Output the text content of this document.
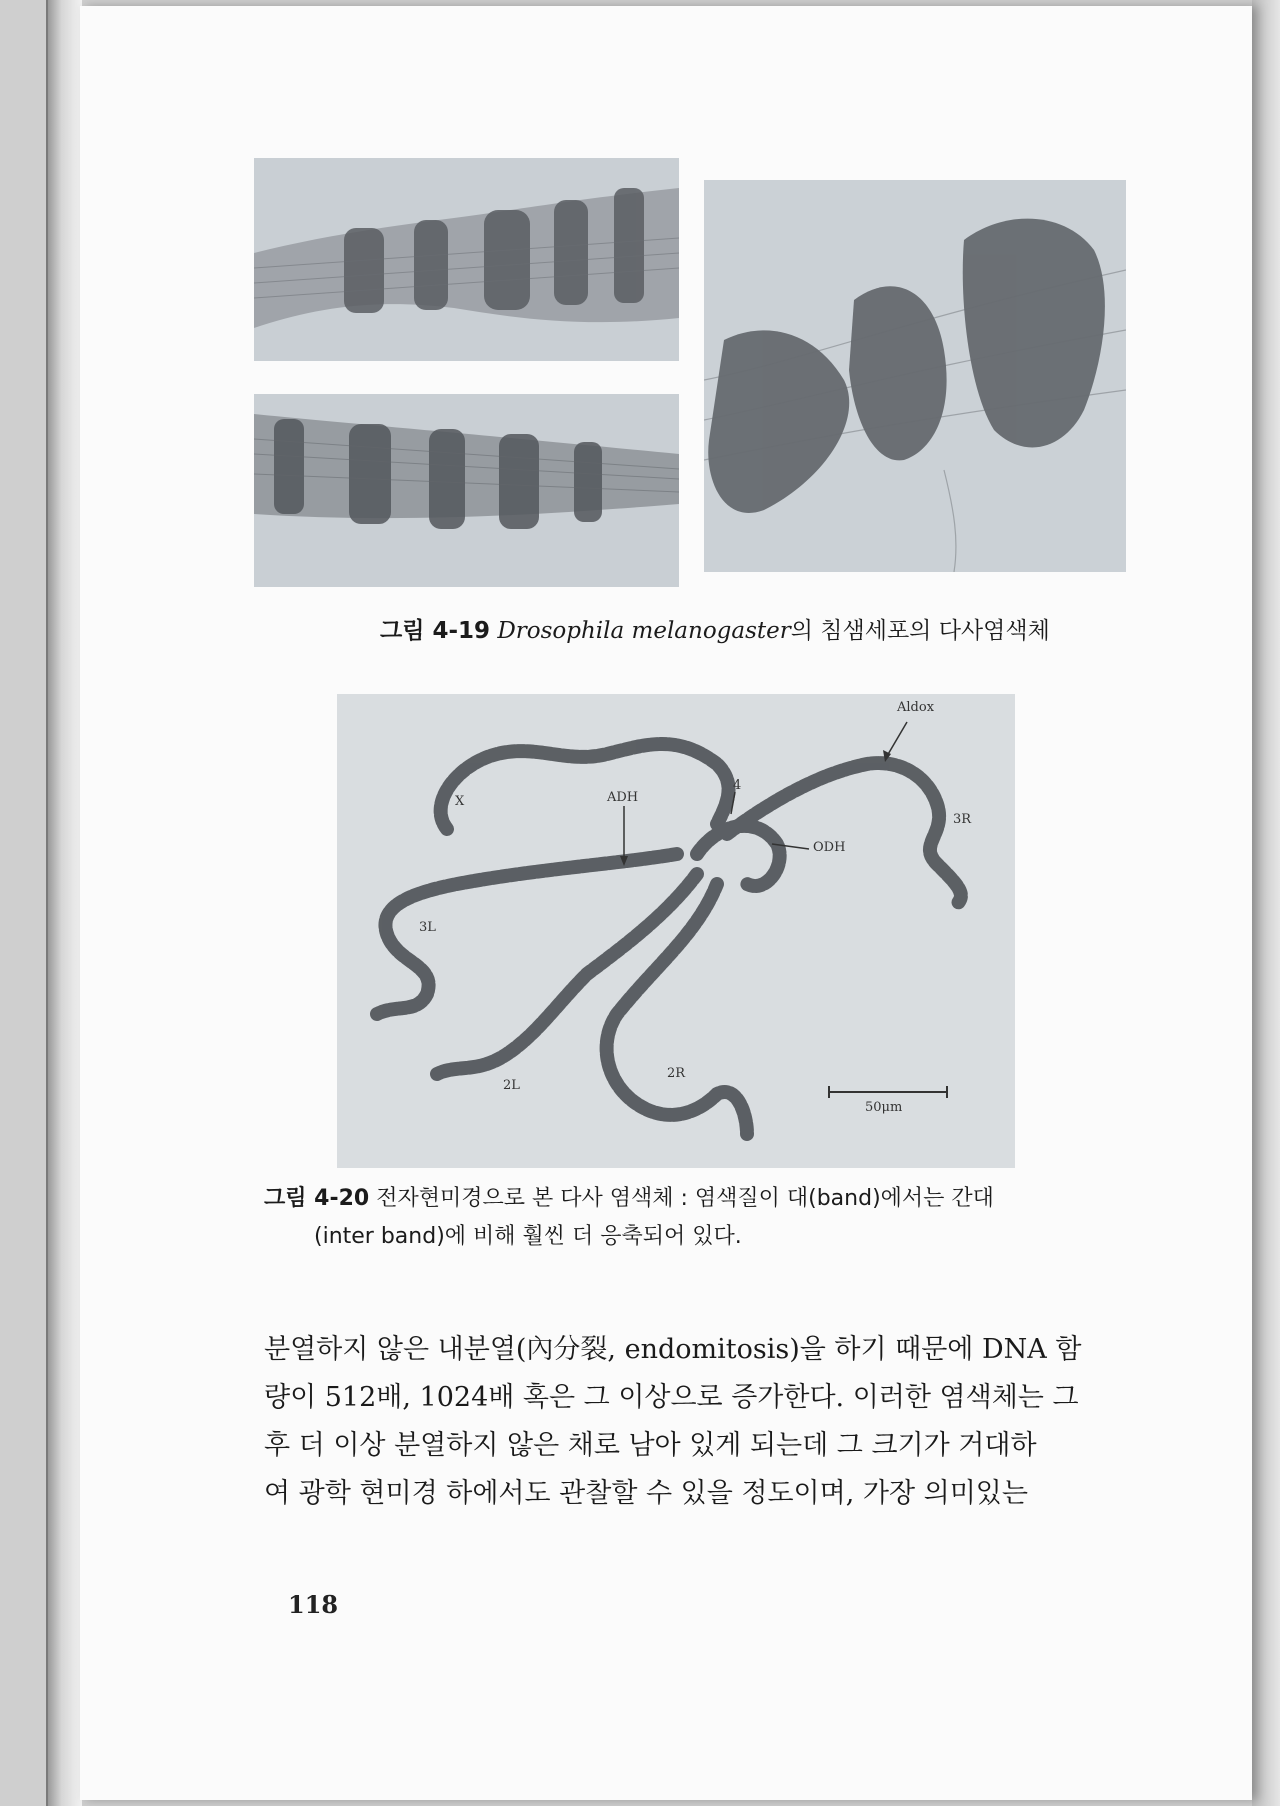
그림 4-19 Drosophila melanogaster의 침샘세포의 다사염색체
X	ADH
4
Aldox
3R
ODH
3L
2L
2R
50μm
그림 4-20 전자현미경으로 본 다사 염색체 : 염색질이 대(band)에서는 간대
(inter band)에 비해 훨씬 더 응축되어 있다.
분열하지 않은 내분열(內分裂, endomitosis)을 하기 때문에 DNA 함
량이 512배, 1024배 혹은 그 이상으로 증가한다. 이러한 염색체는 그
후 더 이상 분열하지 않은 채로 남아 있게 되는데 그 크기가 거대하
여 광학 현미경 하에서도 관찰할 수 있을 정도이며, 가장 의미있는
118
